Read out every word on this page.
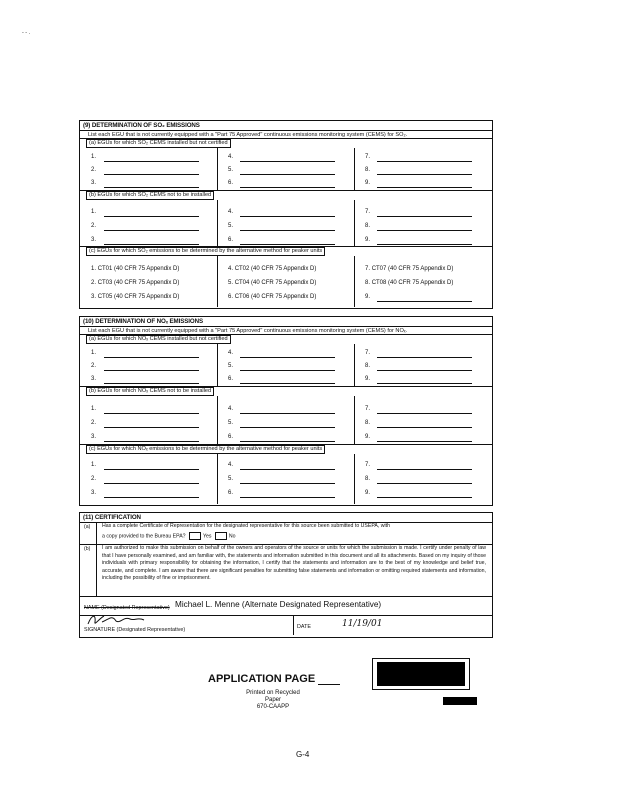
- - .
(9) DETERMINATION OF SO₂ EMISSIONS
List each EGU that is not currently equipped with a "Part 75 Approved" continuous emissions monitoring system (CEMS) for SO₂.
(a) EGUs for which SO₂ CEMS installed but not certified
1.
2.
3.
4.
5.
6.
7.
8.
9.
(b) EGUs for which SO₂ CEMS not to be installed
1.
2.
3.
4.
5.
6.
7.
8.
9.
(c) EGUs for which SO₂ emissions to be determined by the alternative method for peaker units
1. CT01 (40 CFR 75 Appendix D)
2. CT03 (40 CFR 75 Appendix D)
3. CT05 (40 CFR 75 Appendix D)
4. CT02 (40 CFR 75 Appendix D)
5. CT04 (40 CFR 75 Appendix D)
6. CT06 (40 CFR 75 Appendix D)
7. CT07 (40 CFR 75 Appendix D)
8. CT08 (40 CFR 75 Appendix D)
9.
(10) DETERMINATION OF NOₓ EMISSIONS
List each EGU that is not currently equipped with a "Part 75 Approved" continuous emissions monitoring system (CEMS) for NOₓ.
(a) EGUs for which NOₓ CEMS installed but not certified
1.
2.
3.
4.
5.
6.
7.
8.
9.
(b) EGUs for which NOₓ CEMS not to be installed
1.
2.
3.
4.
5.
6.
7.
8.
9.
(c) EGUs for which NOₓ emissions to be determined by the alternative method for peaker units
1.
2.
3.
4.
5.
6.
7.
8.
9.
(11) CERTIFICATION
(a) Has a complete Certificate of Representation for the designated representative for this source been submitted to USEPA, with
a copy provided to the Bureau EPA?	Yes	No
(b) I am authorized to make this submission on behalf of the owners and operators of the source or units for which the submission is made. I certify under penalty of law that I have personally examined, and am familiar with, the statements and information submitted in this document and all its attachments. Based on my inquiry of those individuals with primary responsibility for obtaining the information, I certify that the statements and information are to the best of my knowledge and belief true, accurate, and complete. I am aware that there are significant penalties for submitting false statements and information or omitting required statements and information, including the possibility of fine or imprisonment.
NAME (Designated Representative) Michael L. Menne (Alternate Designated Representative)
SIGNATURE (Designated Representative)	DATE	11/19/01
APPLICATION PAGE
Printed on Recycled Paper
670-CAAPP
G-4
